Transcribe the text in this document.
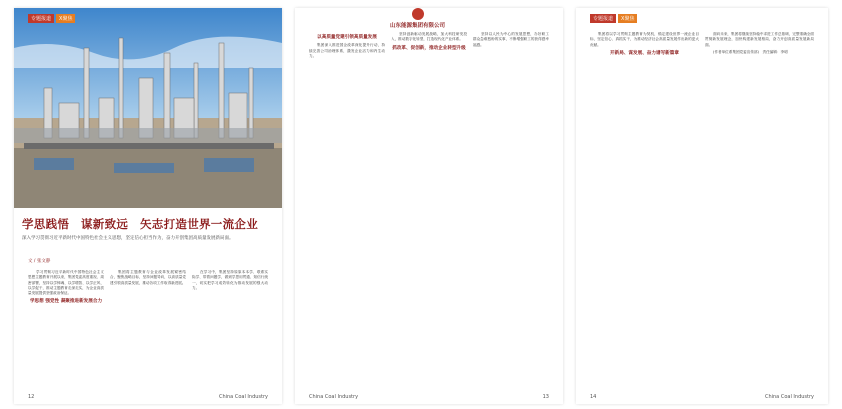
专题报道	X聚焦
学思践悟　谋新致远　矢志打造世界一流企业
深入学习贯彻习近平新时代中国特色社会主义思想，坚定信心担当作为，奋力开创集团高质量发展新局面。
文 / 张文静

学习贯彻习近平新时代中国特色社会主义思想主题教育开展以来，集团党委高度重视、周密部署，坚持以学铸魂、以学增智、以学正风、以学促干，推动主题教育走深走实，为企业高质量发展提供坚强政治保证。

学思想 强党性 凝聚推进新发展合力

集团将主题教育与企业改革发展紧密结合，聚焦战略目标，坚持问题导向，以高质量党建引领高质量发展，推动各项工作取得新进展。

在学习中，集团坚持原原本本学、联系实际学、带着问题学，做到学思用贯通、知信行统一，切实把学习成效转化为推动发展的强大动力。

12	China Coal Industry
山东能源集团有限公司
以高质量党建引领高质量发展

集团深入推进国企改革深化提升行动，持续完善公司治理体系，激发企业活力和内生动力。

坚持创新驱动发展战略，加大科技研发投入，推动数字化转型，打造现代化产业体系。

抓改革、促创新，推动企业转型升级

坚持以人民为中心的发展思想，办好职工群众急难愁盼的实事，不断增强职工的获得感幸福感。

China Coal Industry	13
专题报道	X聚焦

集团将以学习贯彻主题教育为契机，锚定建设世界一流企业目标，坚定信心、真抓实干，为推动经济社会高质量发展作出新的更大贡献。

开新局、谋发展、奋力谱写新篇章

面向未来，集团将继续坚持稳中求进工作总基调，完整准确全面贯彻新发展理念，加快构建新发展格局，奋力开创高质量发展新局面。

(作者单位系集团党委宣传部)　责任编辑：李明

14	China Coal Industry
